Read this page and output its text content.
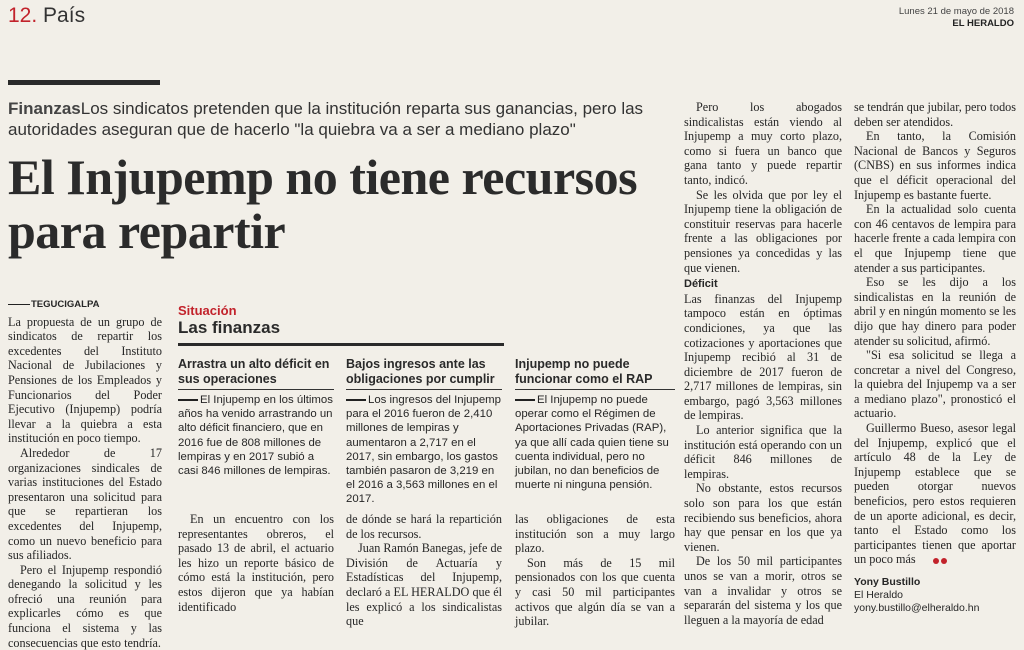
12. País	Lunes 21 de mayo de 2018
EL HERALDO
FinanzasLos sindicatos pretenden que la institución reparta sus ganancias, pero las autoridades aseguran que de hacerlo "la quiebra va a ser a mediano plazo"
El Injupemp no tiene recursos para repartir
TEGUCIGALPA

La propuesta de un grupo de sindicatos de repartir los excedentes del Instituto Nacional de Jubilaciones y Pensiones de los Empleados y Funcionarios del Poder Ejecutivo (Injupemp) podría llevar a la quiebra a esta institución en poco tiempo.

Alrededor de 17 organizaciones sindicales de varias instituciones del Estado presentaron una solicitud para que se repartieran los excedentes del Injupemp, como un nuevo beneficio para sus afiliados.

Pero el Injupemp respondió denegando la solicitud y les ofreció una reunión para explicarles cómo es que funciona el sistema y las consecuencias que esto tendría.

Situación
Las finanzas
Arrastra un alto déficit en sus operaciones

El Injupemp en los últimos años ha venido arrastrando un alto déficit financiero, que en 2016 fue de 808 millones de lempiras y en 2017 subió a casi 846 millones de lempiras.

Bajos ingresos ante las obligaciones por cumplir

Los ingresos del Injupemp para el 2016 fueron de 2,410 millones de lempiras y aumentaron a 2,717 en el 2017, sin embargo, los gastos también pasaron de 3,219 en el 2016 a 3,563 millones en el 2017.

Injupemp no puede funcionar como el RAP

El Injupemp no puede operar como el Régimen de Aportaciones Privadas (RAP), ya que allí cada quien tiene su cuenta individual, pero no jubilan, no dan beneficios de muerte ni ninguna pensión.

En un encuentro con los representantes obreros, el pasado 13 de abril, el actuario les hizo un reporte básico de cómo está la institución, pero estos dijeron que ya habían identificado

de dónde se hará la repartición de los recursos.

Juan Ramón Banegas, jefe de División de Actuaría y Estadísticas del Injupemp, declaró a EL HERALDO que él les explicó a los sindicalistas que

las obligaciones de esta institución son a muy largo plazo.

Son más de 15 mil pensionados con los que cuenta y casi 50 mil participantes activos que algún día se van a jubilar.

Pero los abogados sindicalistas están viendo al Injupemp a muy corto plazo, como si fuera un banco que gana tanto y puede repartir tanto, indicó.

Se les olvida que por ley el Injupemp tiene la obligación de constituir reservas para hacerle frente a las obligaciones por pensiones ya concedidas y las que vienen.

Déficit

Las finanzas del Injupemp tampoco están en óptimas condiciones, ya que las cotizaciones y aportaciones que Injupemp recibió al 31 de diciembre de 2017 fueron de 2,717 millones de lempiras, sin embargo, pagó 3,563 millones de lempiras.

Lo anterior significa que la institución está operando con un déficit 846 millones de lempiras.

No obstante, estos recursos solo son para los que están recibiendo sus beneficios, ahora hay que pensar en los que ya vienen.

De los 50 mil participantes unos se van a morir, otros se van a invalidar y otros se separarán del sistema y los que lleguen a la mayoría de edad

se tendrán que jubilar, pero todos deben ser atendidos.

En tanto, la Comisión Nacional de Bancos y Seguros (CNBS) en sus informes indica que el déficit operacional del Injupemp es bastante fuerte.

En la actualidad solo cuenta con 46 centavos de lempira para hacerle frente a cada lempira con el que Injupemp tiene que atender a sus participantes.

Eso se les dijo a los sindicalistas en la reunión de abril y en ningún momento se les dijo que hay dinero para poder atender su solicitud, afirmó.

"Si esa solicitud se llega a concretar a nivel del Congreso, la quiebra del Injupemp va a ser a mediano plazo", pronosticó el actuario.

Guillermo Bueso, asesor legal del Injupemp, explicó que el artículo 48 de la Ley de Injupemp establece que se pueden otorgar nuevos beneficios, pero estos requieren de un aporte adicional, es decir, tanto el Estado como los participantes tienen que aportar un poco más

Yony Bustillo
El Heraldo
yony.bustillo@elheraldo.hn
